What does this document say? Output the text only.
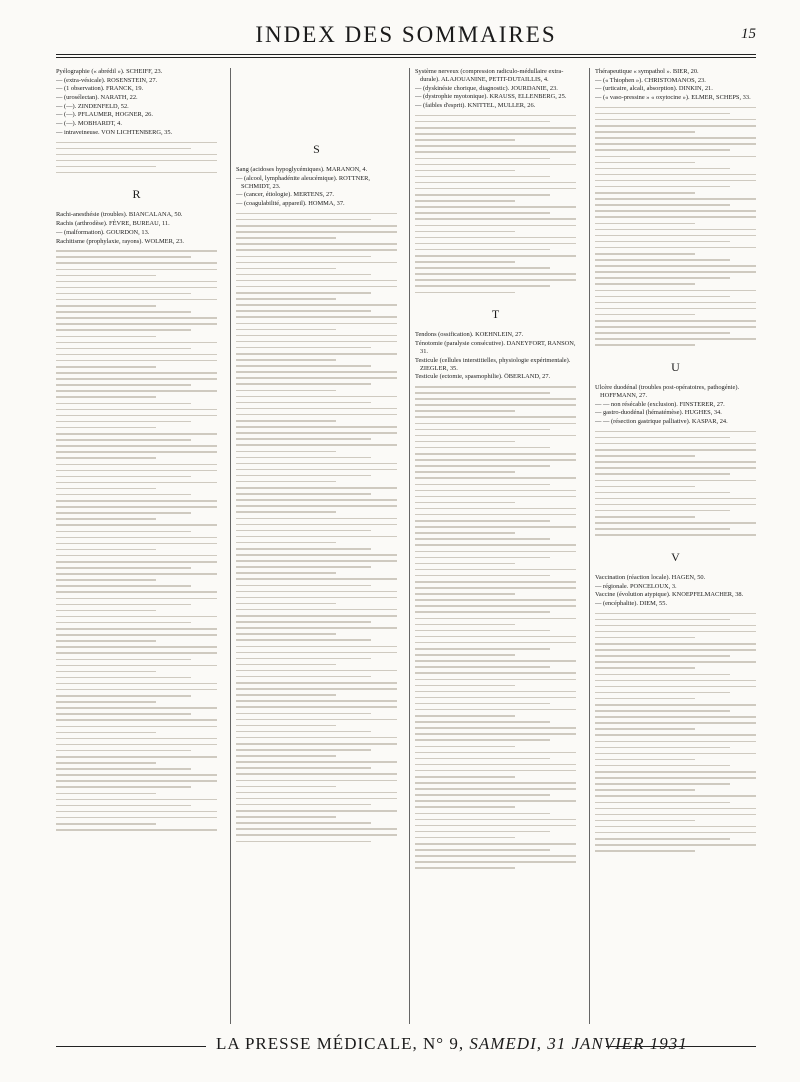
INDEX DES SOMMAIRES	15
Pyélographie (« abrédil »). SCHEIFF, 23.
— (extra-vésicale). ROSENSTEIN, 27.
— (1 observation). FRANCK, 19.
— (urosélectan). NARATH, 22.
— (—). ZINDENFELD, 52.
— (—). PFLAUMER, HOGNER, 26.
— (—). MOBHARDT, 4.
— intraveineuse. VON LICHTENBERG, 35.
R
Rachi-anesthésie (troubles). BIANCALANA, 50.
Rachis (arthrodèse). FÈVRE, BUREAU, 11.
— (malformation). GOURDON, 13.
Rachitisme (prophylaxie, rayons). WOLMER, 23.
S
Sang (acidoses hypoglycémiques). MARANON, 4.
— (alcool, lymphadénite aleucémique). ROTTNER, SCHMIDT, 23.
— (cancer, étiologie). MERTENS, 27.
— (coagulabilité, appareil). HOMMA, 37.
Système nerveux (compression radiculo-médullaire extra-durale). ALAJOUANINE, PETIT-DUTAILLIS, 4.
— (dyskinésie chorique, diagnostic). JOURDANIE, 23.
— (dystrophie myotonique). KRAUSS, ELLENBERG, 25.
— (faibles d'esprit). KNITTEL, MULLER, 26.
T
Tendons (ossification). KOEHNLEIN, 27.
Ténotomie (paralysie consécutive). DANEYFORT, RANSON, 31.
Testicule (cellules interstitielles, physiologie expérimentale). ZIEGLER, 35.
Testicule (ectomie, spasmophilie). ÖBERLAND, 27.
Thérapeutique « sympathol ». BIER, 20.
— (« Thiophen »). CHRISTOMANOS, 23.
— (urticaire, alcali, absorption). DINKIN, 21.
— (« vaso-pressine » « oxytocine »). ELMER, SCHEPS, 33.
U
Ulcère duodénal (troubles post-opératoires, pathogénie). HOFFMANN, 27.
— — non résécable (exclusion). FINSTERER, 27.
— gastro-duodénal (hématémèse). HUGHES, 34.
— — (résection gastrique palliative). KASPAR, 24.
V
Vaccination (réaction locale). HAGEN, 50.
— régionale. PONCELOUX, 3.
Vaccine (évolution atypique). KNOEPFELMACHER, 38.
— (encéphalite). DIEM, 55.
LA PRESSE MÉDICALE, N° 9, SAMEDI, 31 JANVIER 1931
